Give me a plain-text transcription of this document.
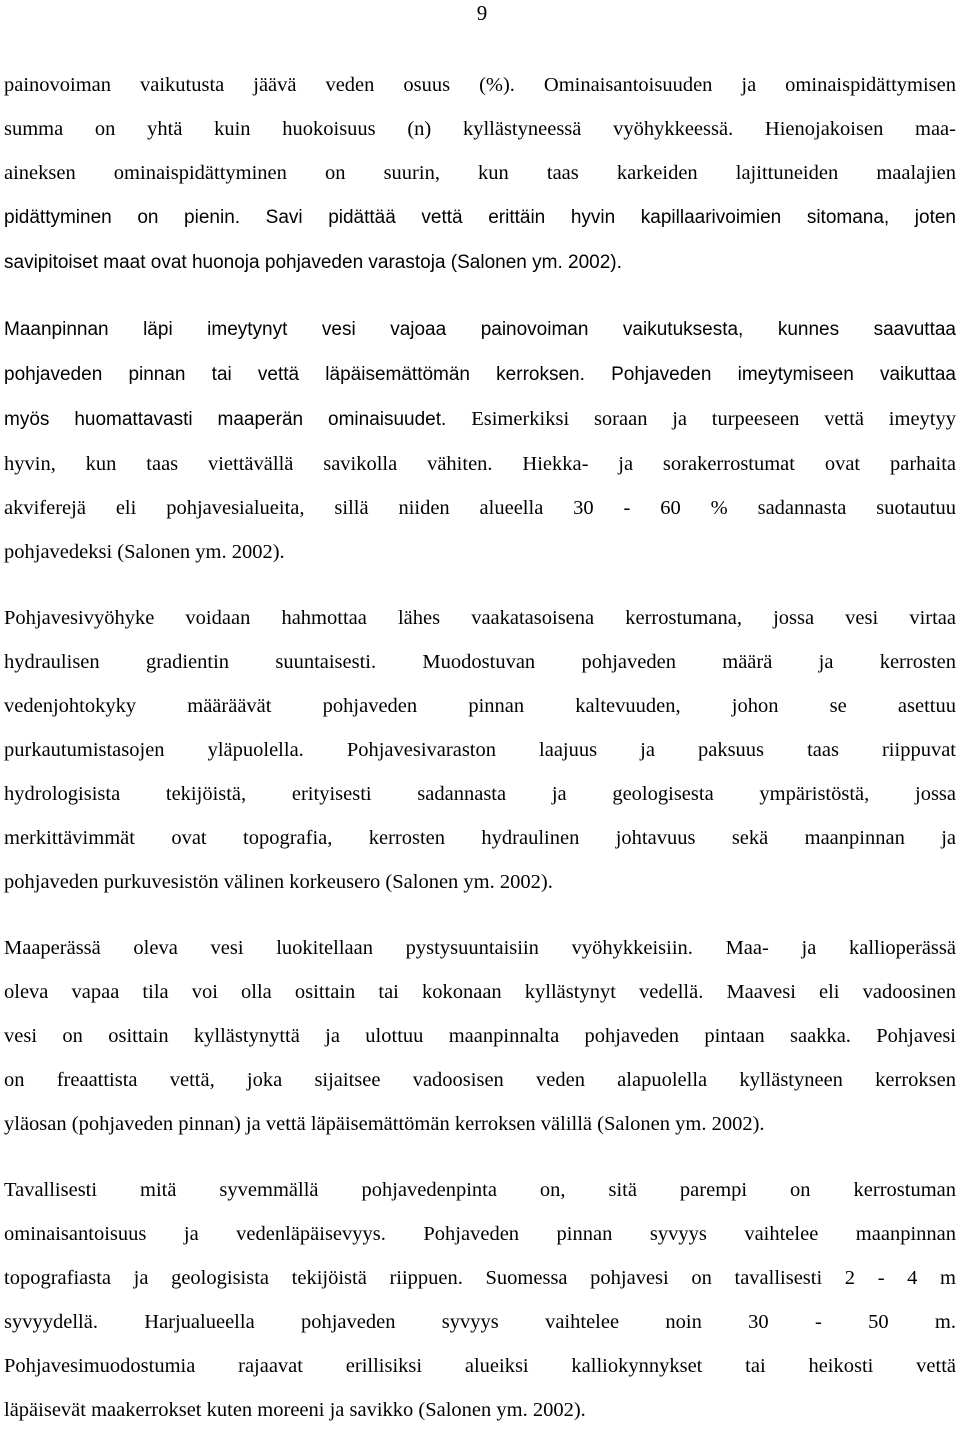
9
painovoiman vaikutusta jäävä veden osuus (%). Ominaisantoisuuden ja ominaispidättymisen
summa on yhtä kuin huokoisuus (n) kyllästyneessä vyöhykkeessä. Hienojakoisen maa-
aineksen ominaispidättyminen on suurin, kun taas karkeiden lajittuneiden maalajien
pidättyminen on pienin. Savi pidättää vettä erittäin hyvin kapillaarivoimien sitomana, joten
savipitoiset maat ovat huonoja pohjaveden varastoja (Salonen ym. 2002).
Maanpinnan läpi imeytynyt vesi vajoaa painovoiman vaikutuksesta, kunnes saavuttaa
pohjaveden pinnan tai vettä läpäisemättömän kerroksen. Pohjaveden imeytymiseen vaikuttaa
myös huomattavasti maaperän ominaisuudet. Esimerkiksi soraan ja turpeeseen vettä imeytyy
hyvin, kun taas viettävällä savikolla vähiten. Hiekka- ja sorakerrostumat ovat parhaita
akviferejä eli pohjavesialueita, sillä niiden alueella 30 - 60 % sadannasta suotautuu
pohjavedeksi (Salonen ym. 2002).
Pohjavesivyöhyke voidaan hahmottaa lähes vaakatasoisena kerrostumana, jossa vesi virtaa
hydraulisen gradientin suuntaisesti. Muodostuvan pohjaveden määrä ja kerrosten
vedenjohtokyky määräävät pohjaveden pinnan kaltevuuden, johon se asettuu
purkautumistasojen yläpuolella. Pohjavesivaraston laajuus ja paksuus taas riippuvat
hydrologisista tekijöistä, erityisesti sadannasta ja geologisesta ympäristöstä, jossa
merkittävimmät ovat topografia, kerrosten hydraulinen johtavuus sekä maanpinnan ja
pohjaveden purkuvesistön välinen korkeusero (Salonen ym. 2002).
Maaperässä oleva vesi luokitellaan pystysuuntaisiin vyöhykkeisiin. Maa- ja kallioperässä
oleva vapaa tila voi olla osittain tai kokonaan kyllästynyt vedellä. Maavesi eli vadoosinen
vesi on osittain kyllästynyttä ja ulottuu maanpinnalta pohjaveden pintaan saakka. Pohjavesi
on freaattista vettä, joka sijaitsee vadoosisen veden alapuolella kyllästyneen kerroksen
yläosan (pohjaveden pinnan) ja vettä läpäisemättömän kerroksen välillä (Salonen ym. 2002).
Tavallisesti mitä syvemmällä pohjavedenpinta on, sitä parempi on kerrostuman
ominaisantoisuus ja vedenläpäisevyys. Pohjaveden pinnan syvyys vaihtelee maanpinnan
topografiasta ja geologisista tekijöistä riippuen. Suomessa pohjavesi on tavallisesti 2 - 4 m
syvyydellä. Harjualueella pohjaveden syvyys vaihtelee noin 30 - 50 m.
Pohjavesimuodostumia rajaavat erillisiksi alueiksi kalliokynnykset tai heikosti vettä
läpäisevät maakerrokset kuten moreeni ja savikko (Salonen ym. 2002).
